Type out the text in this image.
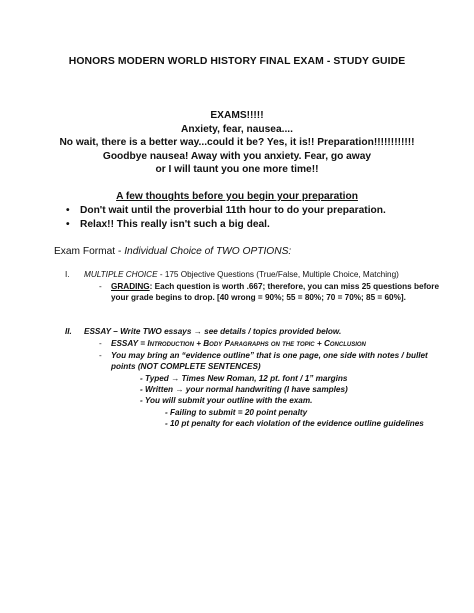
HONORS MODERN WORLD HISTORY FINAL EXAM - STUDY GUIDE
EXAMS!!!!!
Anxiety, fear, nausea....
No wait, there is a better way...could it be? Yes, it is!! Preparation!!!!!!!!!!!!
Goodbye nausea! Away with you anxiety. Fear, go away
or I will taunt you one more time!!
A few thoughts before you begin your preparation
• Don't wait until the proverbial 11th hour to do your preparation.
• Relax!! This really isn't such a big deal.
Exam Format - Individual Choice of TWO OPTIONS:
I. MULTIPLE CHOICE - 175 Objective Questions (True/False, Multiple Choice, Matching)
- GRADING: Each question is worth .667; therefore, you can miss 25 questions before
your grade begins to drop. [40 wrong = 90%; 55 = 80%; 70 = 70%; 85 = 60%].
II. ESSAY – Write TWO essays → see details / topics provided below.
- ESSAY = Introduction + Body Paragraphs on the topic + Conclusion
- You may bring an “evidence outline” that is one page, one side with notes / bullet
points (NOT COMPLETE SENTENCES)
- Typed → Times New Roman, 12 pt. font / 1” margins
- Written → your normal handwriting (I have samples)
- You will submit your outline with the exam.
- Failing to submit = 20 point penalty
- 10 pt penalty for each violation of the evidence outline guidelines
